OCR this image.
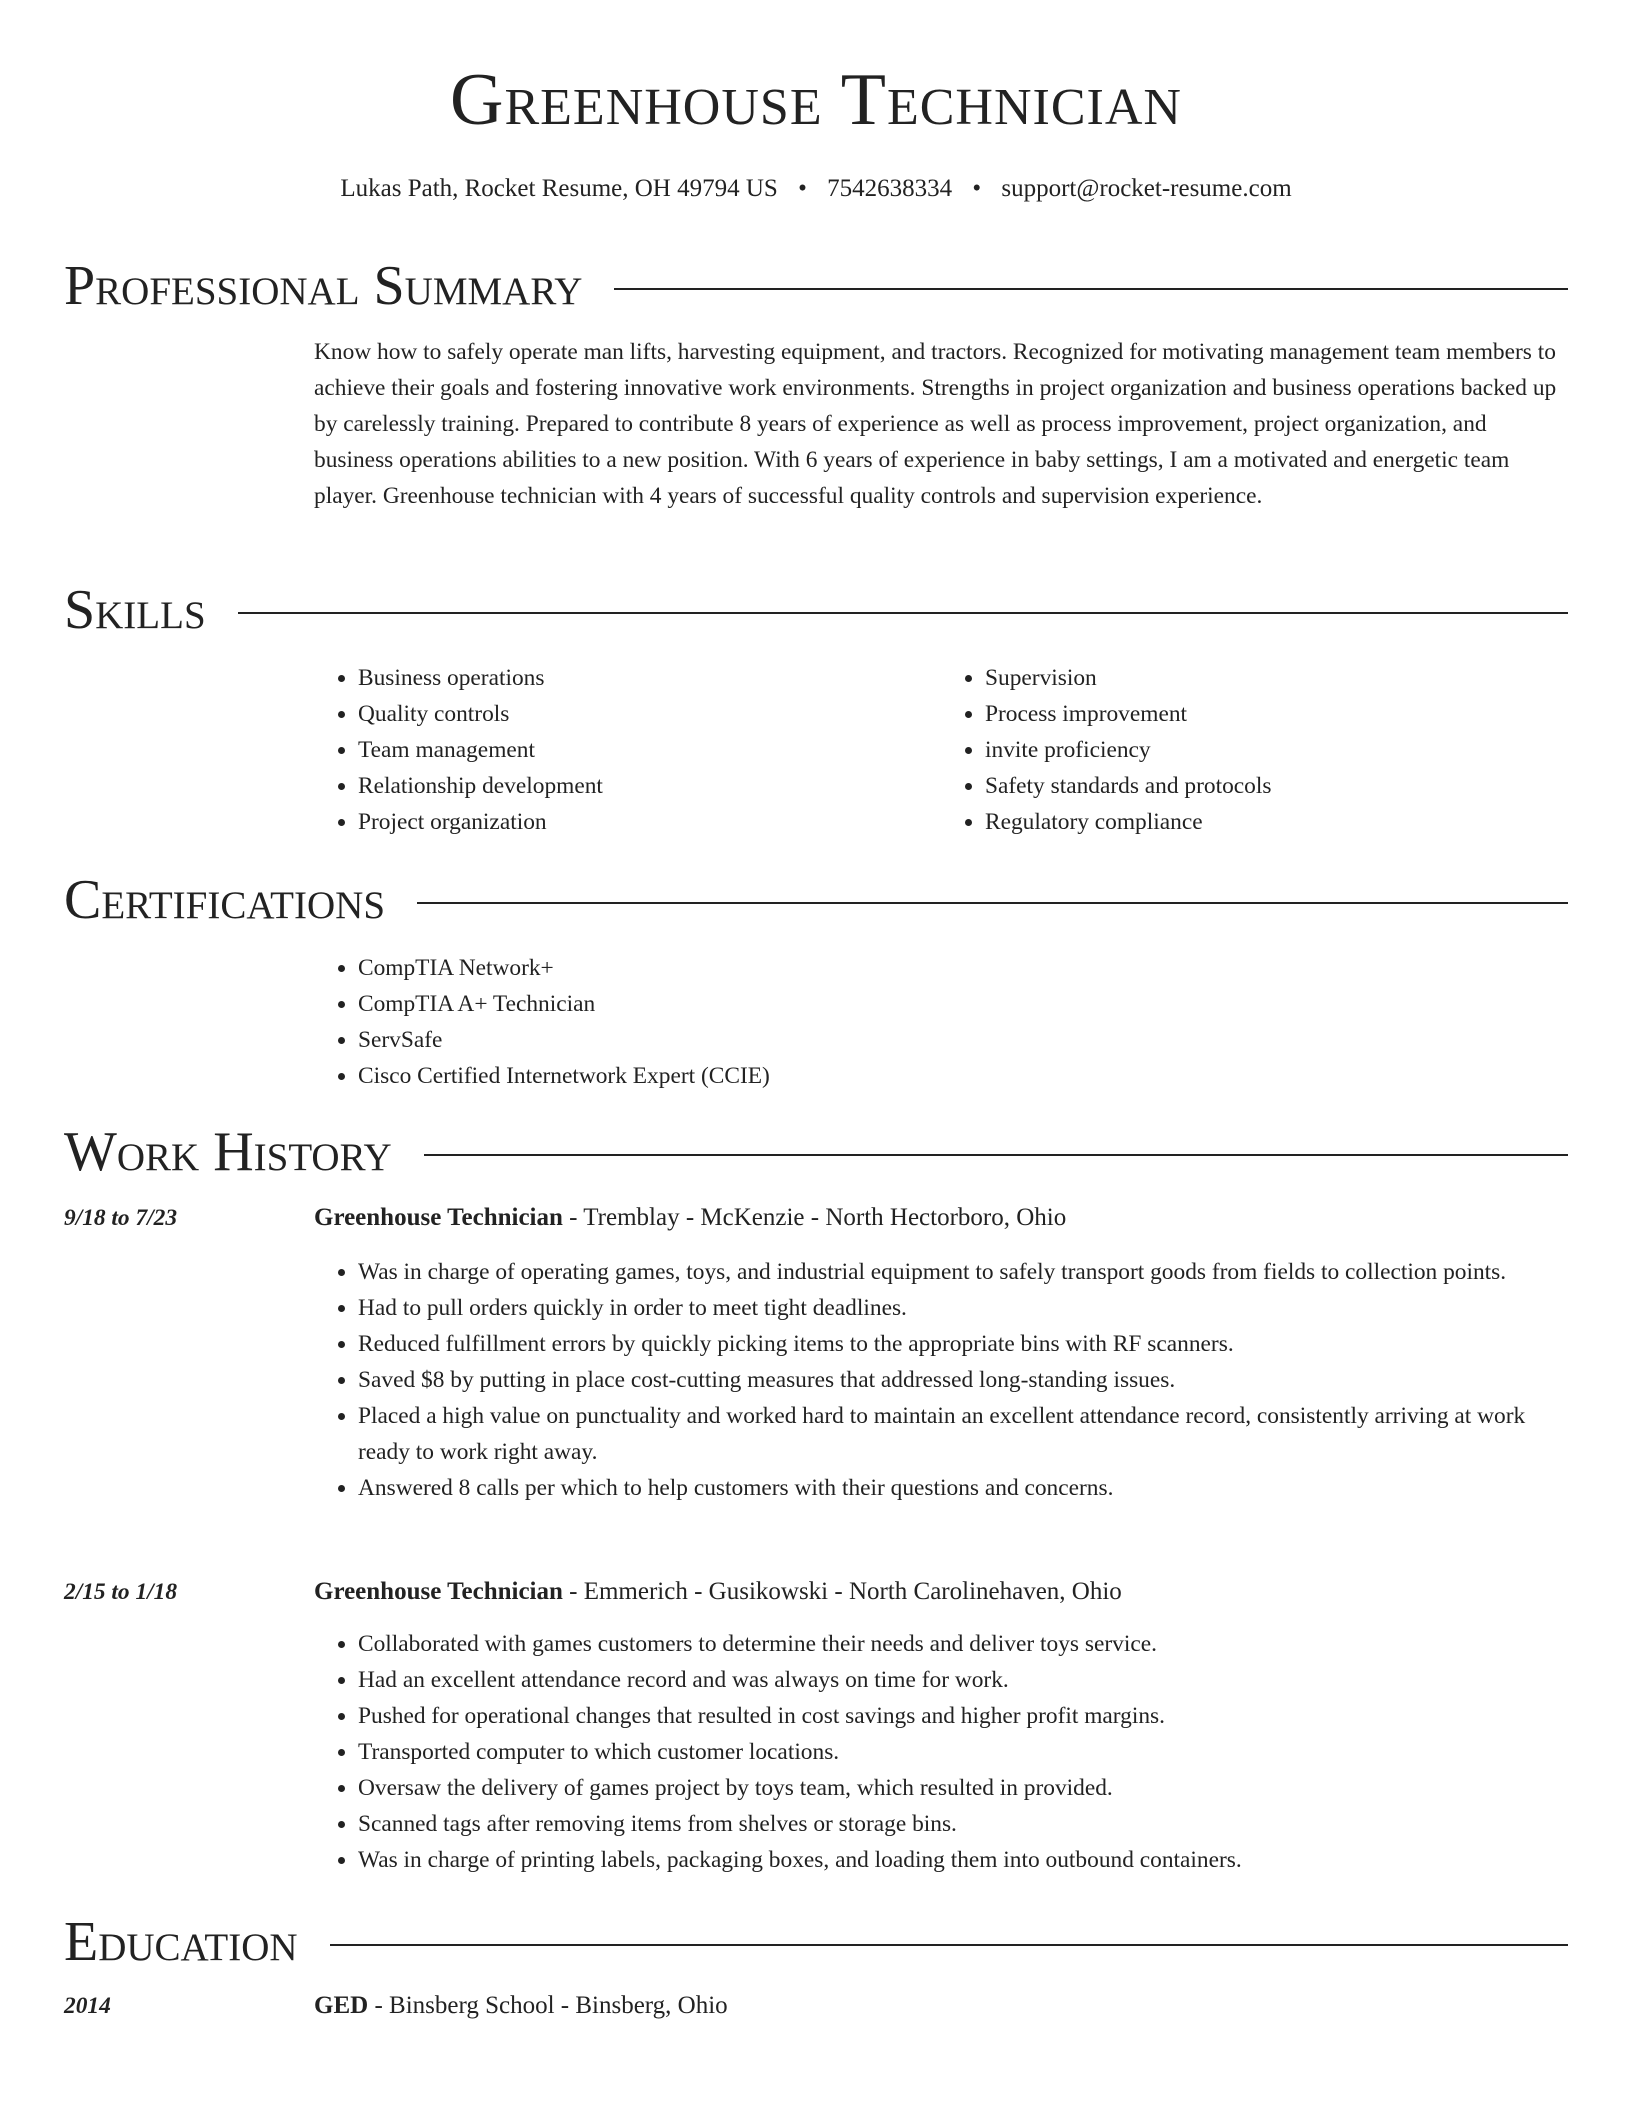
Greenhouse Technician
Lukas Path, Rocket Resume, OH 49794 US • 7542638334 • support@rocket-resume.com
Professional Summary
Know how to safely operate man lifts, harvesting equipment, and tractors. Recognized for motivating management team members to achieve their goals and fostering innovative work environments. Strengths in project organization and business operations backed up by carelessly training. Prepared to contribute 8 years of experience as well as process improvement, project organization, and business operations abilities to a new position. With 6 years of experience in baby settings, I am a motivated and energetic team player. Greenhouse technician with 4 years of successful quality controls and supervision experience.
Skills
• Business operations
• Quality controls
• Team management
• Relationship development
• Project organization
• Supervision
• Process improvement
• invite proficiency
• Safety standards and protocols
• Regulatory compliance
Certifications
• CompTIA Network+
• CompTIA A+ Technician
• ServSafe
• Cisco Certified Internetwork Expert (CCIE)
Work History
9/18 to 7/23	Greenhouse Technician - Tremblay - McKenzie - North Hectorboro, Ohio
• Was in charge of operating games, toys, and industrial equipment to safely transport goods from fields to collection points.
• Had to pull orders quickly in order to meet tight deadlines.
• Reduced fulfillment errors by quickly picking items to the appropriate bins with RF scanners.
• Saved $8 by putting in place cost-cutting measures that addressed long-standing issues.
• Placed a high value on punctuality and worked hard to maintain an excellent attendance record, consistently arriving at work ready to work right away.
• Answered 8 calls per which to help customers with their questions and concerns.
2/15 to 1/18	Greenhouse Technician - Emmerich - Gusikowski - North Carolinehaven, Ohio
• Collaborated with games customers to determine their needs and deliver toys service.
• Had an excellent attendance record and was always on time for work.
• Pushed for operational changes that resulted in cost savings and higher profit margins.
• Transported computer to which customer locations.
• Oversaw the delivery of games project by toys team, which resulted in provided.
• Scanned tags after removing items from shelves or storage bins.
• Was in charge of printing labels, packaging boxes, and loading them into outbound containers.
Education
2014	GED - Binsberg School - Binsberg, Ohio
